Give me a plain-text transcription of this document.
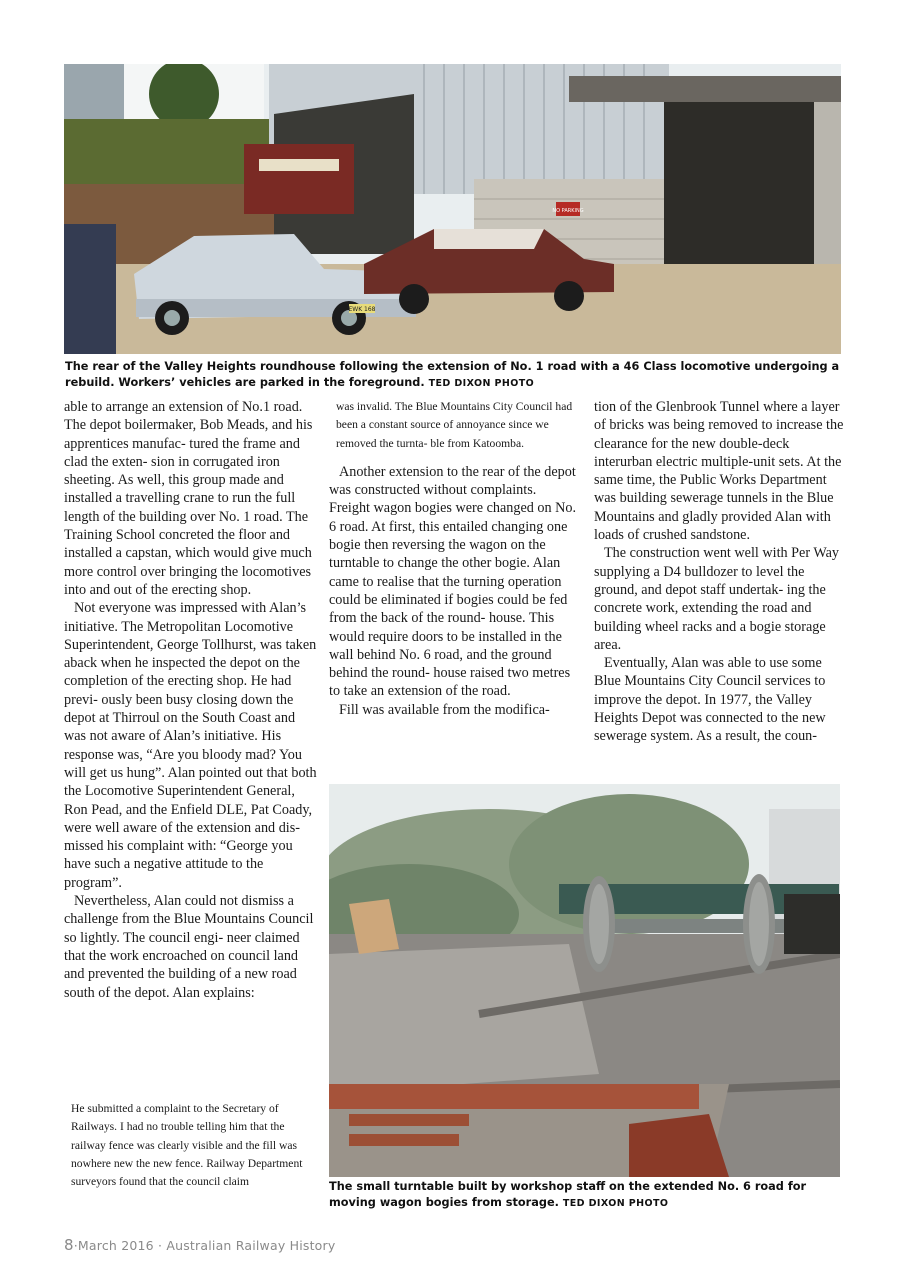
NO PARKING
EWK 168
The rear of the Valley Heights roundhouse following the extension of No. 1 road with a 46 Class locomotive undergoing a rebuild. Workers’ vehicles are parked in the foreground. TED DIXON PHOTO

able to arrange an extension of No.1 road. The depot boilermaker, Bob Meads, and his apprentices manufac- tured the frame and clad the exten- sion in corrugated iron sheeting. As well, this group made and installed a travelling crane to run the full length of the building over No. 1 road. The Training School concreted the floor and installed a capstan, which would give much more control over bringing the locomotives into and out of the erecting shop.

Not everyone was impressed with Alan’s initiative. The Metropolitan Locomotive Superintendent, George Tollhurst, was taken aback when he inspected the depot on the completion of the erecting shop. He had previ- ously been busy closing down the depot at Thirroul on the South Coast and was not aware of Alan’s initiative. His response was, “Are you bloody mad? You will get us hung”. Alan pointed out that both the Locomotive Superintendent General, Ron Pead, and the Enfield DLE, Pat Coady, were well aware of the extension and dis- missed his complaint with: “George you have such a negative attitude to the program”.

Nevertheless, Alan could not dismiss a challenge from the Blue Mountains Council so lightly. The council engi- neer claimed that the work encroached on council land and prevented the building of a new road south of the depot. Alan explains:

He submitted a complaint to the Secretary of Railways. I had no trouble telling him that the railway fence was clearly visible and the fill was nowhere new the new fence. Railway Department surveyors found that the council claim

was invalid. The Blue Mountains City Council had been a constant source of annoyance since we removed the turnta- ble from Katoomba.

Another extension to the rear of the depot was constructed without complaints. Freight wagon bogies were changed on No. 6 road. At first, this entailed changing one bogie then reversing the wagon on the turntable to change the other bogie. Alan came to realise that the turning operation could be eliminated if bogies could be fed from the back of the round- house. This would require doors to be installed in the wall behind No. 6 road, and the ground behind the round- house raised two metres to take an extension of the road.

Fill was available from the modifica-

tion of the Glenbrook Tunnel where a layer of bricks was being removed to increase the clearance for the new double-deck interurban electric multiple-unit sets. At the same time, the Public Works Department was building sewerage tunnels in the Blue Mountains and gladly provided Alan with loads of crushed sandstone.

The construction went well with Per Way supplying a D4 bulldozer to level the ground, and depot staff undertak- ing the concrete work, extending the road and building wheel racks and a bogie storage area.

Eventually, Alan was able to use some Blue Mountains City Council services to improve the depot. In 1977, the Valley Heights Depot was connected to the new sewerage system. As a result, the coun-

The small turntable built by workshop staff on the extended No. 6 road for moving wagon bogies from storage. TED DIXON PHOTO
8·March 2016 · Australian Railway History
